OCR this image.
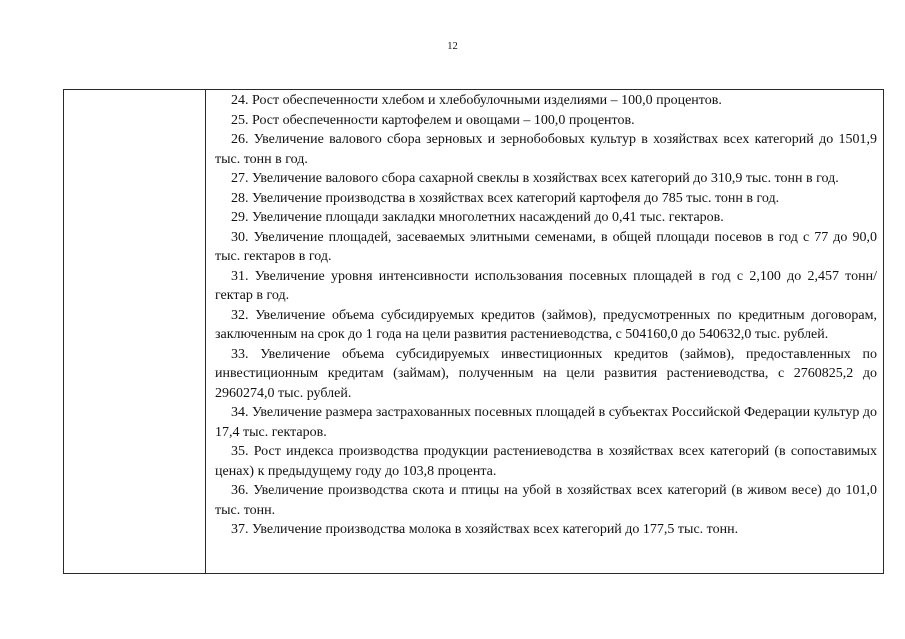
12

24. Рост обеспеченности хлебом и хлебобулочными изделиями – 100,0 процентов.

25. Рост обеспеченности картофелем и овощами – 100,0 процентов.

26. Увеличение валового сбора зерновых и зернобобовых культур в хозяйствах всех категорий до 1501,9 тыс. тонн в год.

27. Увеличение валового сбора сахарной свеклы в хозяйствах всех категорий до 310,9 тыс. тонн в год.

28. Увеличение производства в хозяйствах всех категорий картофеля до 785 тыс. тонн в год.

29. Увеличение площади закладки многолетних насаждений до 0,41 тыс. гектаров.

30. Увеличение площадей, засеваемых элитными семенами, в общей площади посевов в год с 77 до 90,0 тыс. гектаров в год.

31. Увеличение уровня интенсивности использования посевных площадей в год с 2,100 до 2,457 тонн/гектар в год.

32. Увеличение объема субсидируемых кредитов (займов), предусмотренных по кредитным договорам, заключенным на срок до 1 года на цели развития растениеводства, с 504160,0 до 540632,0 тыс. рублей.

33. Увеличение объема субсидируемых инвестиционных кредитов (займов), предоставленных по инвестиционным кредитам (займам), полученным на цели развития растениеводства, с 2760825,2 до 2960274,0 тыс. рублей.

34. Увеличение размера застрахованных посевных площадей в субъектах Российской Федерации культур до 17,4 тыс. гектаров.

35. Рост индекса производства продукции растениеводства в хозяйствах всех категорий (в сопоставимых ценах) к предыдущему году до 103,8 процента.

36. Увеличение производства скота и птицы на убой в хозяйствах всех категорий (в живом весе) до 101,0 тыс. тонн.

37. Увеличение производства молока в хозяйствах всех категорий до 177,5 тыс. тонн.
